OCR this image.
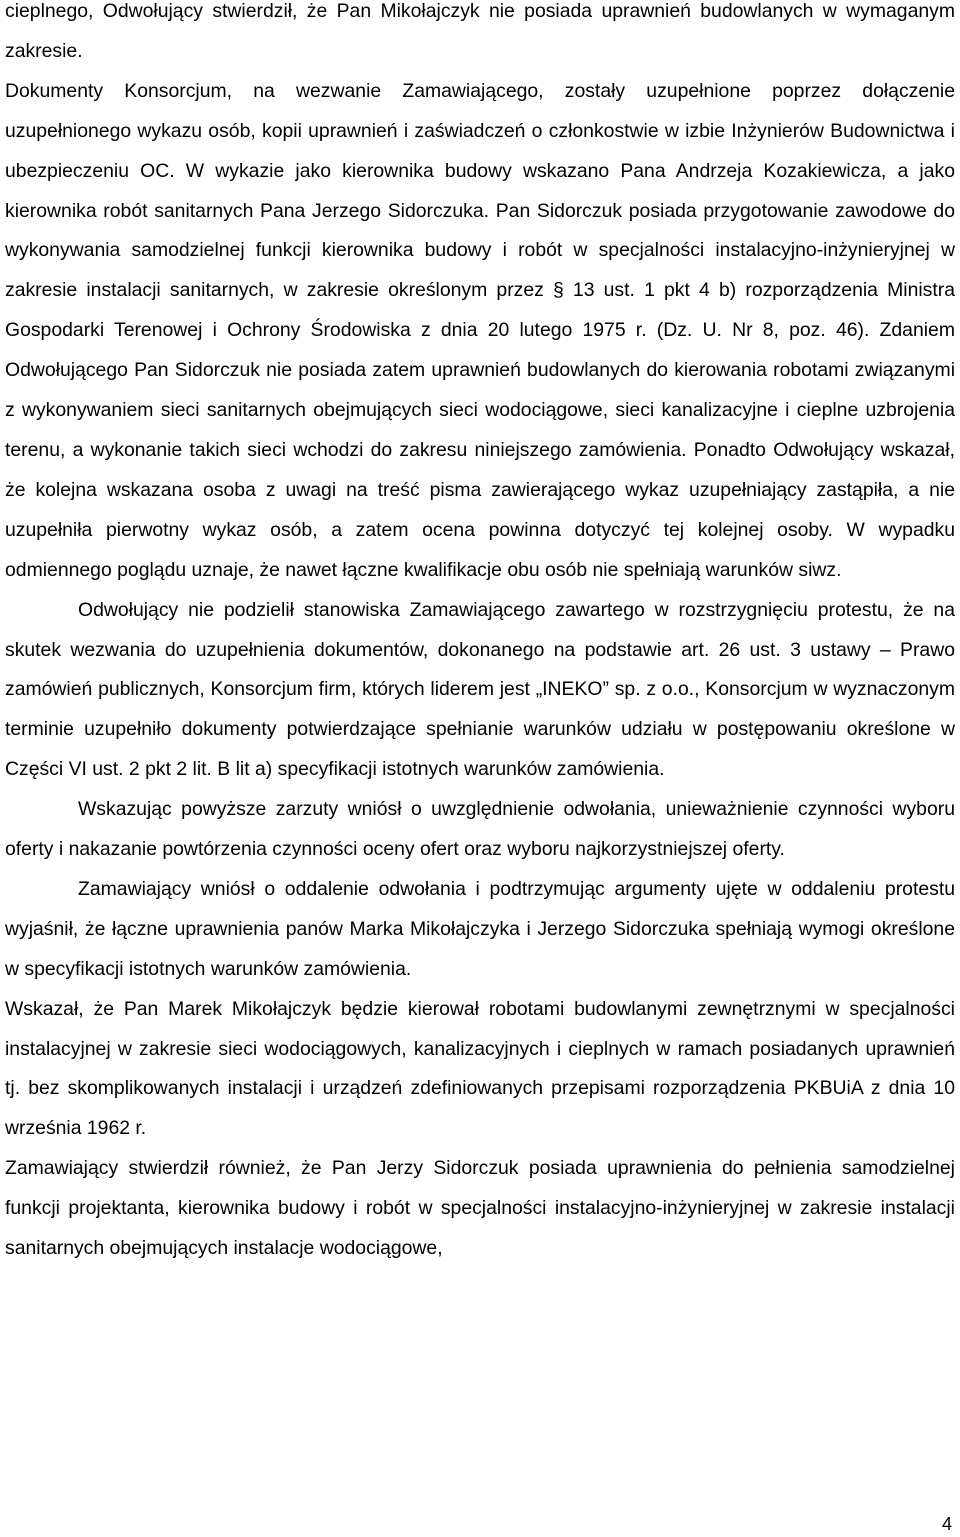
cieplnego, Odwołujący stwierdził, że Pan Mikołajczyk nie posiada uprawnień budowlanych w wymaganym zakresie.

Dokumenty Konsorcjum, na wezwanie Zamawiającego, zostały uzupełnione poprzez dołączenie uzupełnionego wykazu osób, kopii uprawnień i zaświadczeń o członkostwie w izbie Inżynierów Budownictwa i ubezpieczeniu OC. W wykazie jako kierownika budowy wskazano Pana Andrzeja Kozakiewicza, a jako kierownika robót sanitarnych Pana Jerzego Sidorczuka. Pan Sidorczuk posiada przygotowanie zawodowe do wykonywania samodzielnej funkcji kierownika budowy i robót w specjalności instalacyjno-inżynieryjnej w zakresie instalacji sanitarnych, w zakresie określonym przez § 13 ust. 1 pkt 4 b) rozporządzenia Ministra Gospodarki Terenowej i Ochrony Środowiska z dnia 20 lutego 1975 r. (Dz. U. Nr 8, poz. 46). Zdaniem Odwołującego Pan Sidorczuk nie posiada zatem uprawnień budowlanych do kierowania robotami związanymi z wykonywaniem sieci sanitarnych obejmujących sieci wodociągowe, sieci kanalizacyjne i cieplne uzbrojenia terenu, a wykonanie takich sieci wchodzi do zakresu niniejszego zamówienia. Ponadto Odwołujący wskazał, że kolejna wskazana osoba z uwagi na treść pisma zawierającego wykaz uzupełniający zastąpiła, a nie uzupełniła pierwotny wykaz osób, a zatem ocena powinna dotyczyć tej kolejnej osoby. W wypadku odmiennego poglądu uznaje, że nawet łączne kwalifikacje obu osób nie spełniają warunków siwz.

Odwołujący nie podzielił stanowiska Zamawiającego zawartego w rozstrzygnięciu protestu, że na skutek wezwania do uzupełnienia dokumentów, dokonanego na podstawie art. 26 ust. 3 ustawy – Prawo zamówień publicznych, Konsorcjum firm, których liderem jest „INEKO” sp. z o.o., Konsorcjum w wyznaczonym terminie uzupełniło dokumenty potwierdzające spełnianie warunków udziału w postępowaniu określone w Części VI ust. 2 pkt 2 lit. B lit a) specyfikacji istotnych warunków zamówienia.

Wskazując powyższe zarzuty wniósł o uwzględnienie odwołania, unieważnienie czynności wyboru oferty i nakazanie powtórzenia czynności oceny ofert oraz wyboru najkorzystniejszej oferty.

Zamawiający wniósł o oddalenie odwołania i podtrzymując argumenty ujęte w oddaleniu protestu wyjaśnił, że łączne uprawnienia panów Marka Mikołajczyka i Jerzego Sidorczuka spełniają wymogi określone w specyfikacji istotnych warunków zamówienia.

Wskazał, że Pan Marek Mikołajczyk będzie kierował robotami budowlanymi zewnętrznymi w specjalności instalacyjnej w zakresie sieci wodociągowych, kanalizacyjnych i cieplnych w ramach posiadanych uprawnień tj. bez skomplikowanych instalacji i urządzeń zdefiniowanych przepisami rozporządzenia PKBUiA z dnia 10 września 1962 r.

Zamawiający stwierdził również, że Pan Jerzy Sidorczuk posiada uprawnienia do pełnienia samodzielnej funkcji projektanta, kierownika budowy i robót w specjalności instalacyjno-inżynieryjnej w zakresie instalacji sanitarnych obejmujących instalacje wodociągowe,

4
